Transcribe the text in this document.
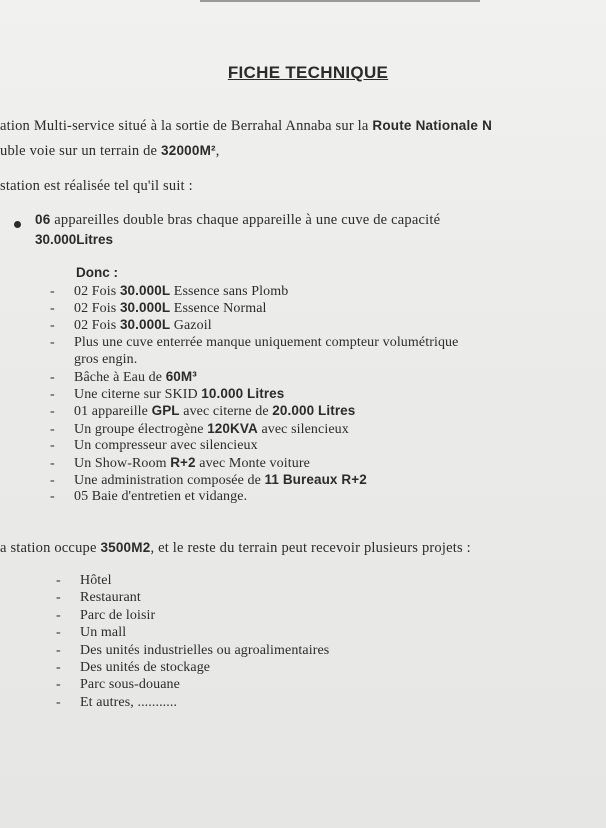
FICHE TECHNIQUE
ation Multi-service situé à la sortie de Berrahal Annaba sur la Route Nationale N
uble voie sur un terrain de 32000M²,
station est réalisée tel qu'il suit :
06 appareilles double bras chaque appareille à une cuve de capacité
30.000Litres
Donc :
- 02 Fois 30.000L Essence sans Plomb
- 02 Fois 30.000L Essence Normal
- 02 Fois 30.000L Gazoil
- Plus une cuve enterrée manque uniquement compteur volumétrique
gros engin.
- Bâche à Eau de 60M³
- Une citerne sur SKID 10.000 Litres
- 01 appareille GPL avec citerne de 20.000 Litres
- Un groupe électrogène 120KVA avec silencieux
- Un compresseur avec silencieux
- Un Show-Room R+2 avec Monte voiture
- Une administration composée de 11 Bureaux R+2
- 05 Baie d'entretien et vidange.
a station occupe 3500M2, et le reste du terrain peut recevoir plusieurs projets :
- Hôtel
- Restaurant
- Parc de loisir
- Un mall
- Des unités industrielles ou agroalimentaires
- Des unités de stockage
- Parc sous-douane
- Et autres, ...........
